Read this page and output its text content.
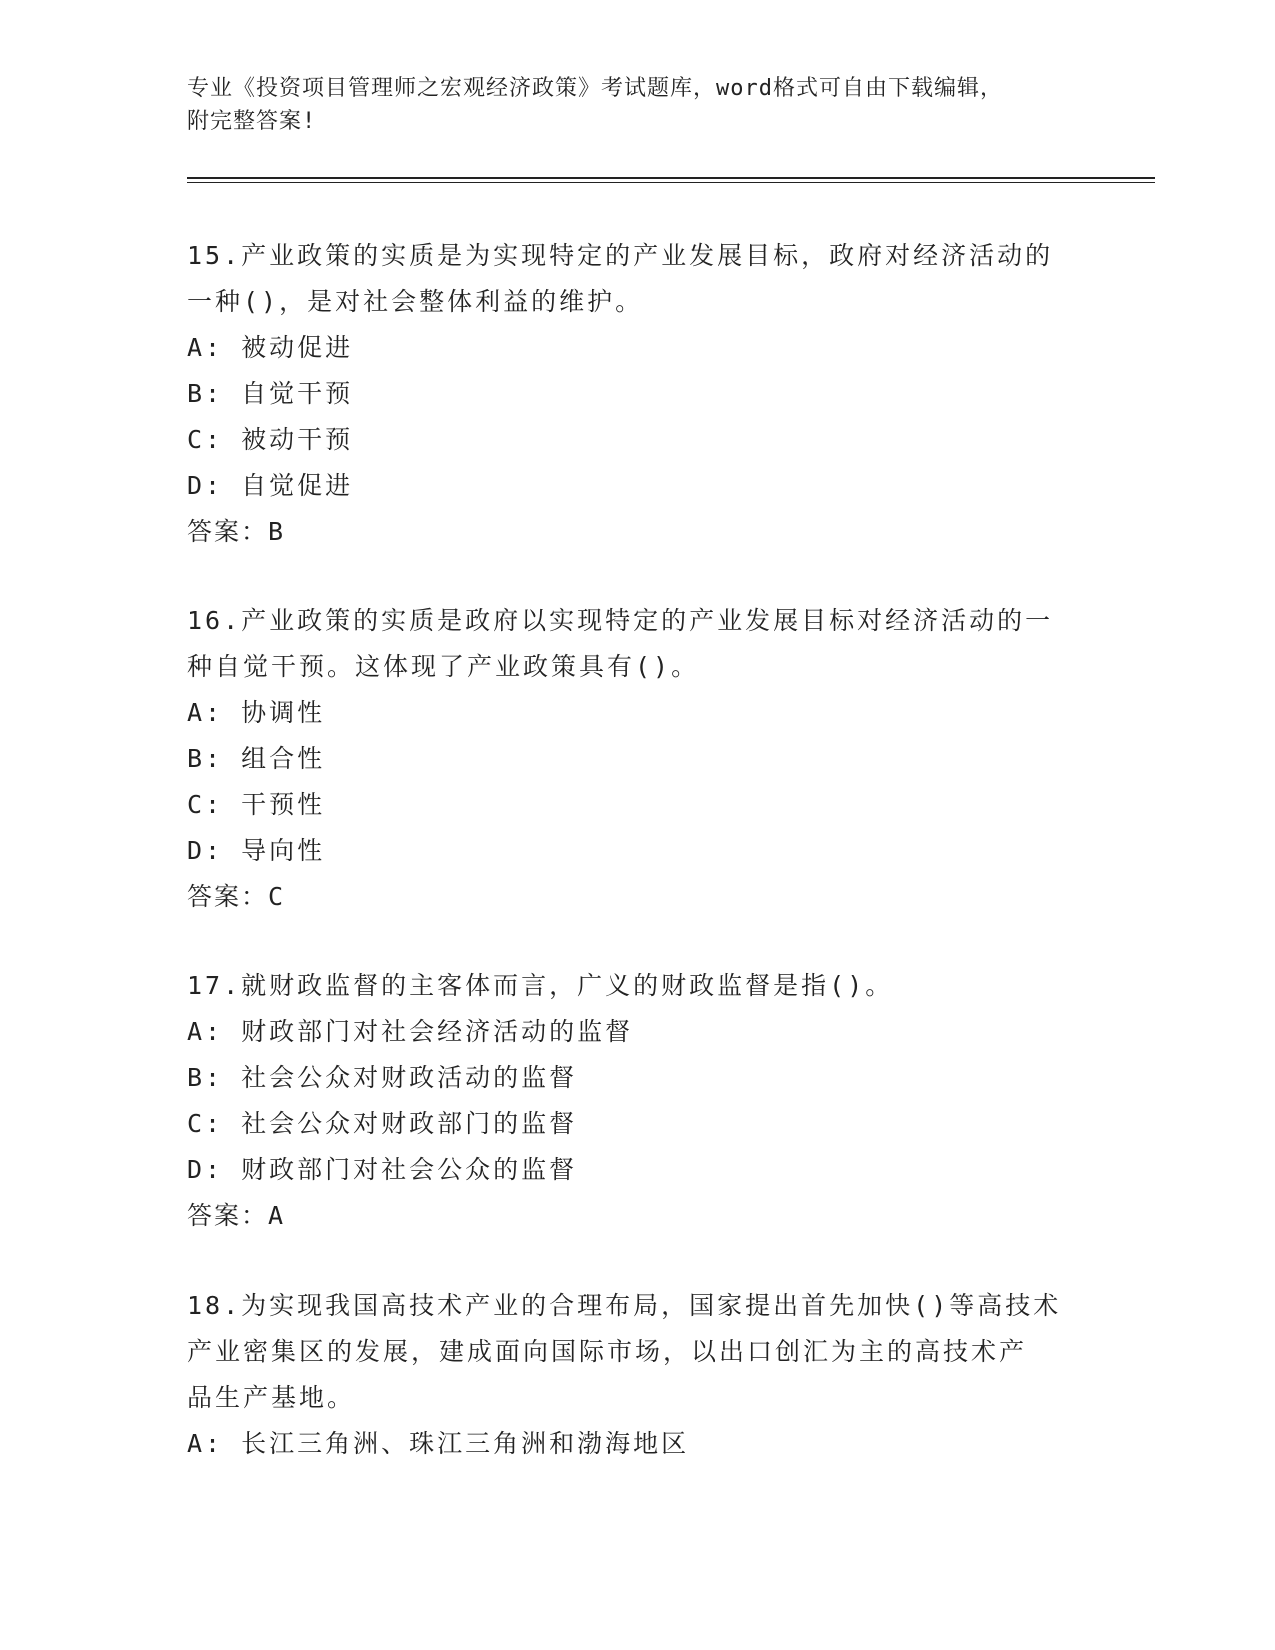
专业《投资项目管理师之宏观经济政策》考试题库，word格式可自由下载编辑，
附完整答案!
15.产业政策的实质是为实现特定的产业发展目标，政府对经济活动的
一种()，是对社会整体利益的维护。
A: 被动促进
B: 自觉干预
C: 被动干预
D: 自觉促进
答案：B
16.产业政策的实质是政府以实现特定的产业发展目标对经济活动的一
种自觉干预。这体现了产业政策具有()。
A: 协调性
B: 组合性
C: 干预性
D: 导向性
答案：C
17.就财政监督的主客体而言，广义的财政监督是指()。
A: 财政部门对社会经济活动的监督
B: 社会公众对财政活动的监督
C: 社会公众对财政部门的监督
D: 财政部门对社会公众的监督
答案：A
18.为实现我国高技术产业的合理布局，国家提出首先加快()等高技术
产业密集区的发展，建成面向国际市场，以出口创汇为主的高技术产
品生产基地。
A: 长江三角洲、珠江三角洲和渤海地区
